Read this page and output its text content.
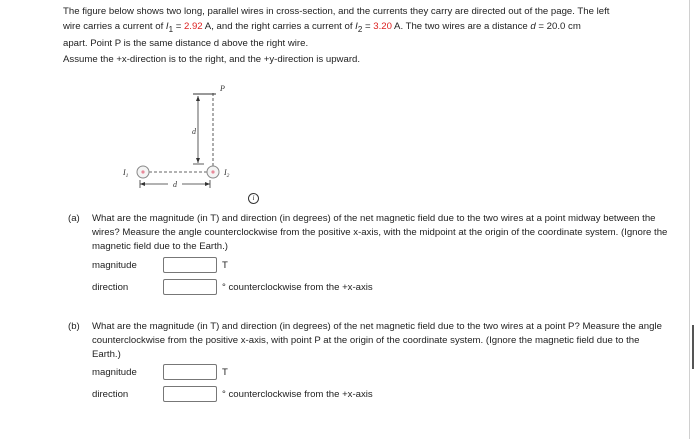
The figure below shows two long, parallel wires in cross-section, and the currents they carry are directed out of the page. The left
wire carries a current of $I_1 = 2.92$ A, and the right carries a current of $I_2 = 3.20$ A. The two wires are a distance d = 20.0 cm
apart. Point P is the same distance d above the right wire.
Assume the +x-direction is to the right, and the +y-direction is upward.
d
P
$I_1$	$I_2$
d
i
(a) What are the magnitude (in T) and direction (in degrees) of the net magnetic field due to the two wires at a point midway between the wires? Measure the angle counterclockwise from the positive x-axis, with the midpoint at the origin of the coordinate system. (Ignore the magnetic field due to the Earth.)
magnitude	T
direction	° counterclockwise from the +x-axis
(b) What are the magnitude (in T) and direction (in degrees) of the net magnetic field due to the two wires at a point P? Measure the angle counterclockwise from the positive x-axis, with point P at the origin of the coordinate system. (Ignore the magnetic field due to the Earth.)
magnitude	T
direction	° counterclockwise from the +x-axis
